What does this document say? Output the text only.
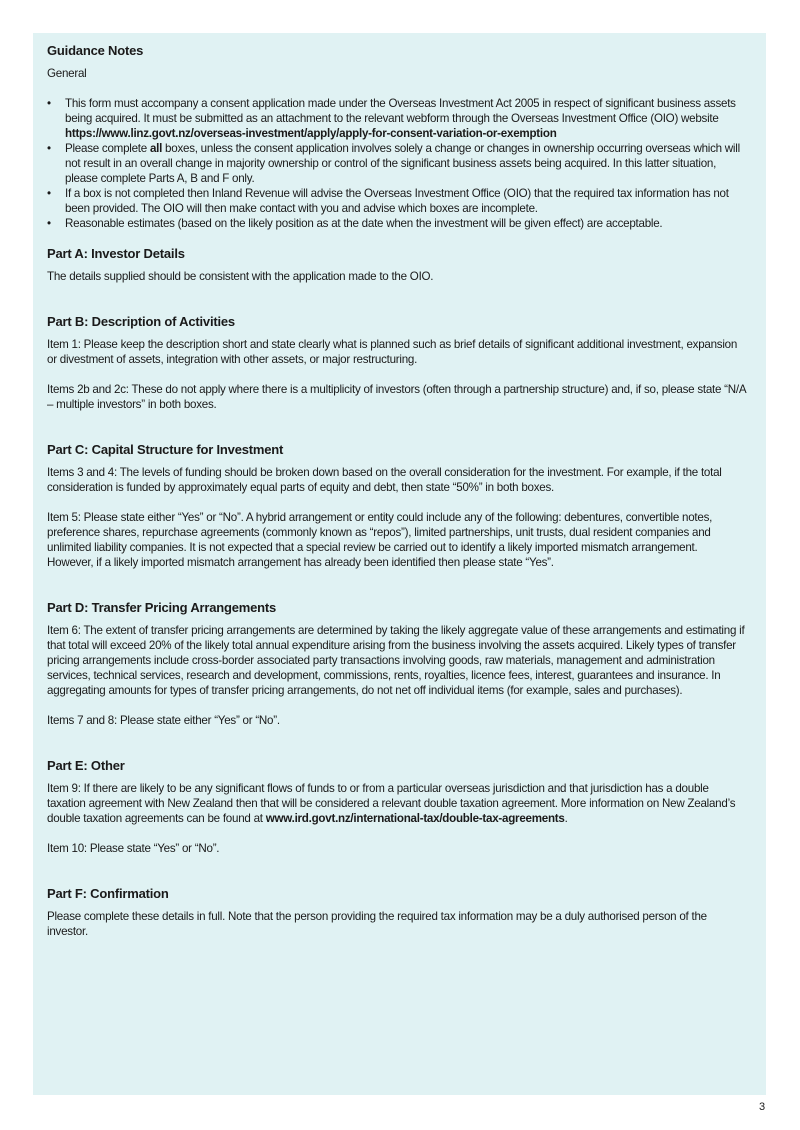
Guidance Notes

General

• This form must accompany a consent application made under the Overseas Investment Act 2005 in respect of significant business assets being acquired. It must be submitted as an attachment to the relevant webform through the Overseas Investment Office (OIO) website https://www.linz.govt.nz/overseas-investment/apply/apply-for-consent-variation-or-exemption
• Please complete all boxes, unless the consent application involves solely a change or changes in ownership occurring overseas which will not result in an overall change in majority ownership or control of the significant business assets being acquired. In this latter situation, please complete Parts A, B and F only.
• If a box is not completed then Inland Revenue will advise the Overseas Investment Office (OIO) that the required tax information has not been provided. The OIO will then make contact with you and advise which boxes are incomplete.
• Reasonable estimates (based on the likely position as at the date when the investment will be given effect) are acceptable.
Part A: Investor Details

The details supplied should be consistent with the application made to the OIO.

Part B: Description of Activities

Item 1: Please keep the description short and state clearly what is planned such as brief details of significant additional investment, expansion or divestment of assets, integration with other assets, or major restructuring.

Items 2b and 2c: These do not apply where there is a multiplicity of investors (often through a partnership structure) and, if so, please state “N/A – multiple investors” in both boxes.

Part C: Capital Structure for Investment

Items 3 and 4: The levels of funding should be broken down based on the overall consideration for the investment. For example, if the total consideration is funded by approximately equal parts of equity and debt, then state “50%” in both boxes.

Item 5: Please state either “Yes” or “No”. A hybrid arrangement or entity could include any of the following: debentures, convertible notes, preference shares, repurchase agreements (commonly known as “repos”), limited partnerships, unit trusts, dual resident companies and unlimited liability companies. It is not expected that a special review be carried out to identify a likely imported mismatch arrangement. However, if a likely imported mismatch arrangement has already been identified then please state “Yes”.

Part D: Transfer Pricing Arrangements

Item 6: The extent of transfer pricing arrangements are determined by taking the likely aggregate value of these arrangements and estimating if that total will exceed 20% of the likely total annual expenditure arising from the business involving the assets acquired. Likely types of transfer pricing arrangements include cross-border associated party transactions involving goods, raw materials, management and administration services, technical services, research and development, commissions, rents, royalties, licence fees, interest, guarantees and insurance. In aggregating amounts for types of transfer pricing arrangements, do not net off individual items (for example, sales and purchases).

Items 7 and 8: Please state either “Yes” or “No”.

Part E: Other

Item 9: If there are likely to be any significant flows of funds to or from a particular overseas jurisdiction and that jurisdiction has a double taxation agreement with New Zealand then that will be considered a relevant double taxation agreement. More information on New Zealand’s double taxation agreements can be found at www.ird.govt.nz/international-tax/double-tax-agreements.

Item 10: Please state “Yes” or “No”.

Part F: Confirmation

Please complete these details in full. Note that the person providing the required tax information may be a duly authorised person of the investor.

3
